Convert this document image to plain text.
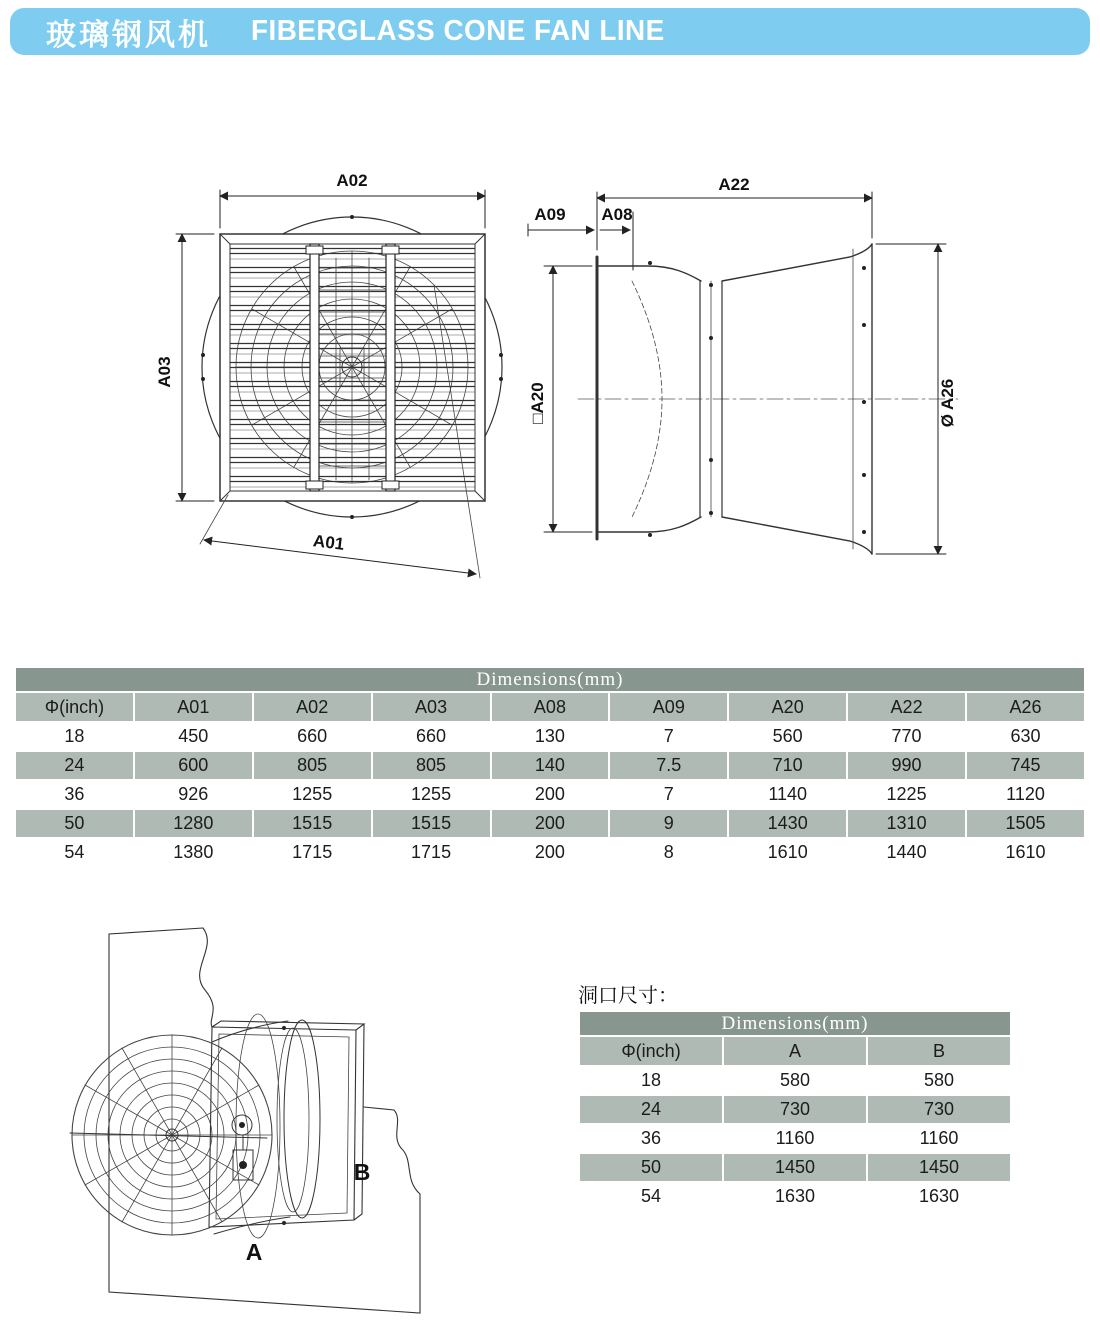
玻璃钢风机 FIBERGLASS CONE FAN LINE
A02
A03
A01
A22
A09 A08
□A20	Ø A26
Dimensions(mm)								
Φ(inch)	A01	A02	A03	A08	A09	A20	A22	A26
18	450	660	660	130	7	560	770	630
24	600	805	805	140	7.5	710	990	745
36	926	1255	1255	200	7	1140	1225	1120
50	1280	1515	1515	200	9	1430	1310	1505
54	1380	1715	1715	200	8	1610	1440	1610
A
B
洞口尺寸：
Dimensions(mm)		
Φ(inch)	A	B
18	580	580
24	730	730
36	1160	1160
50	1450	1450
54	1630	1630
